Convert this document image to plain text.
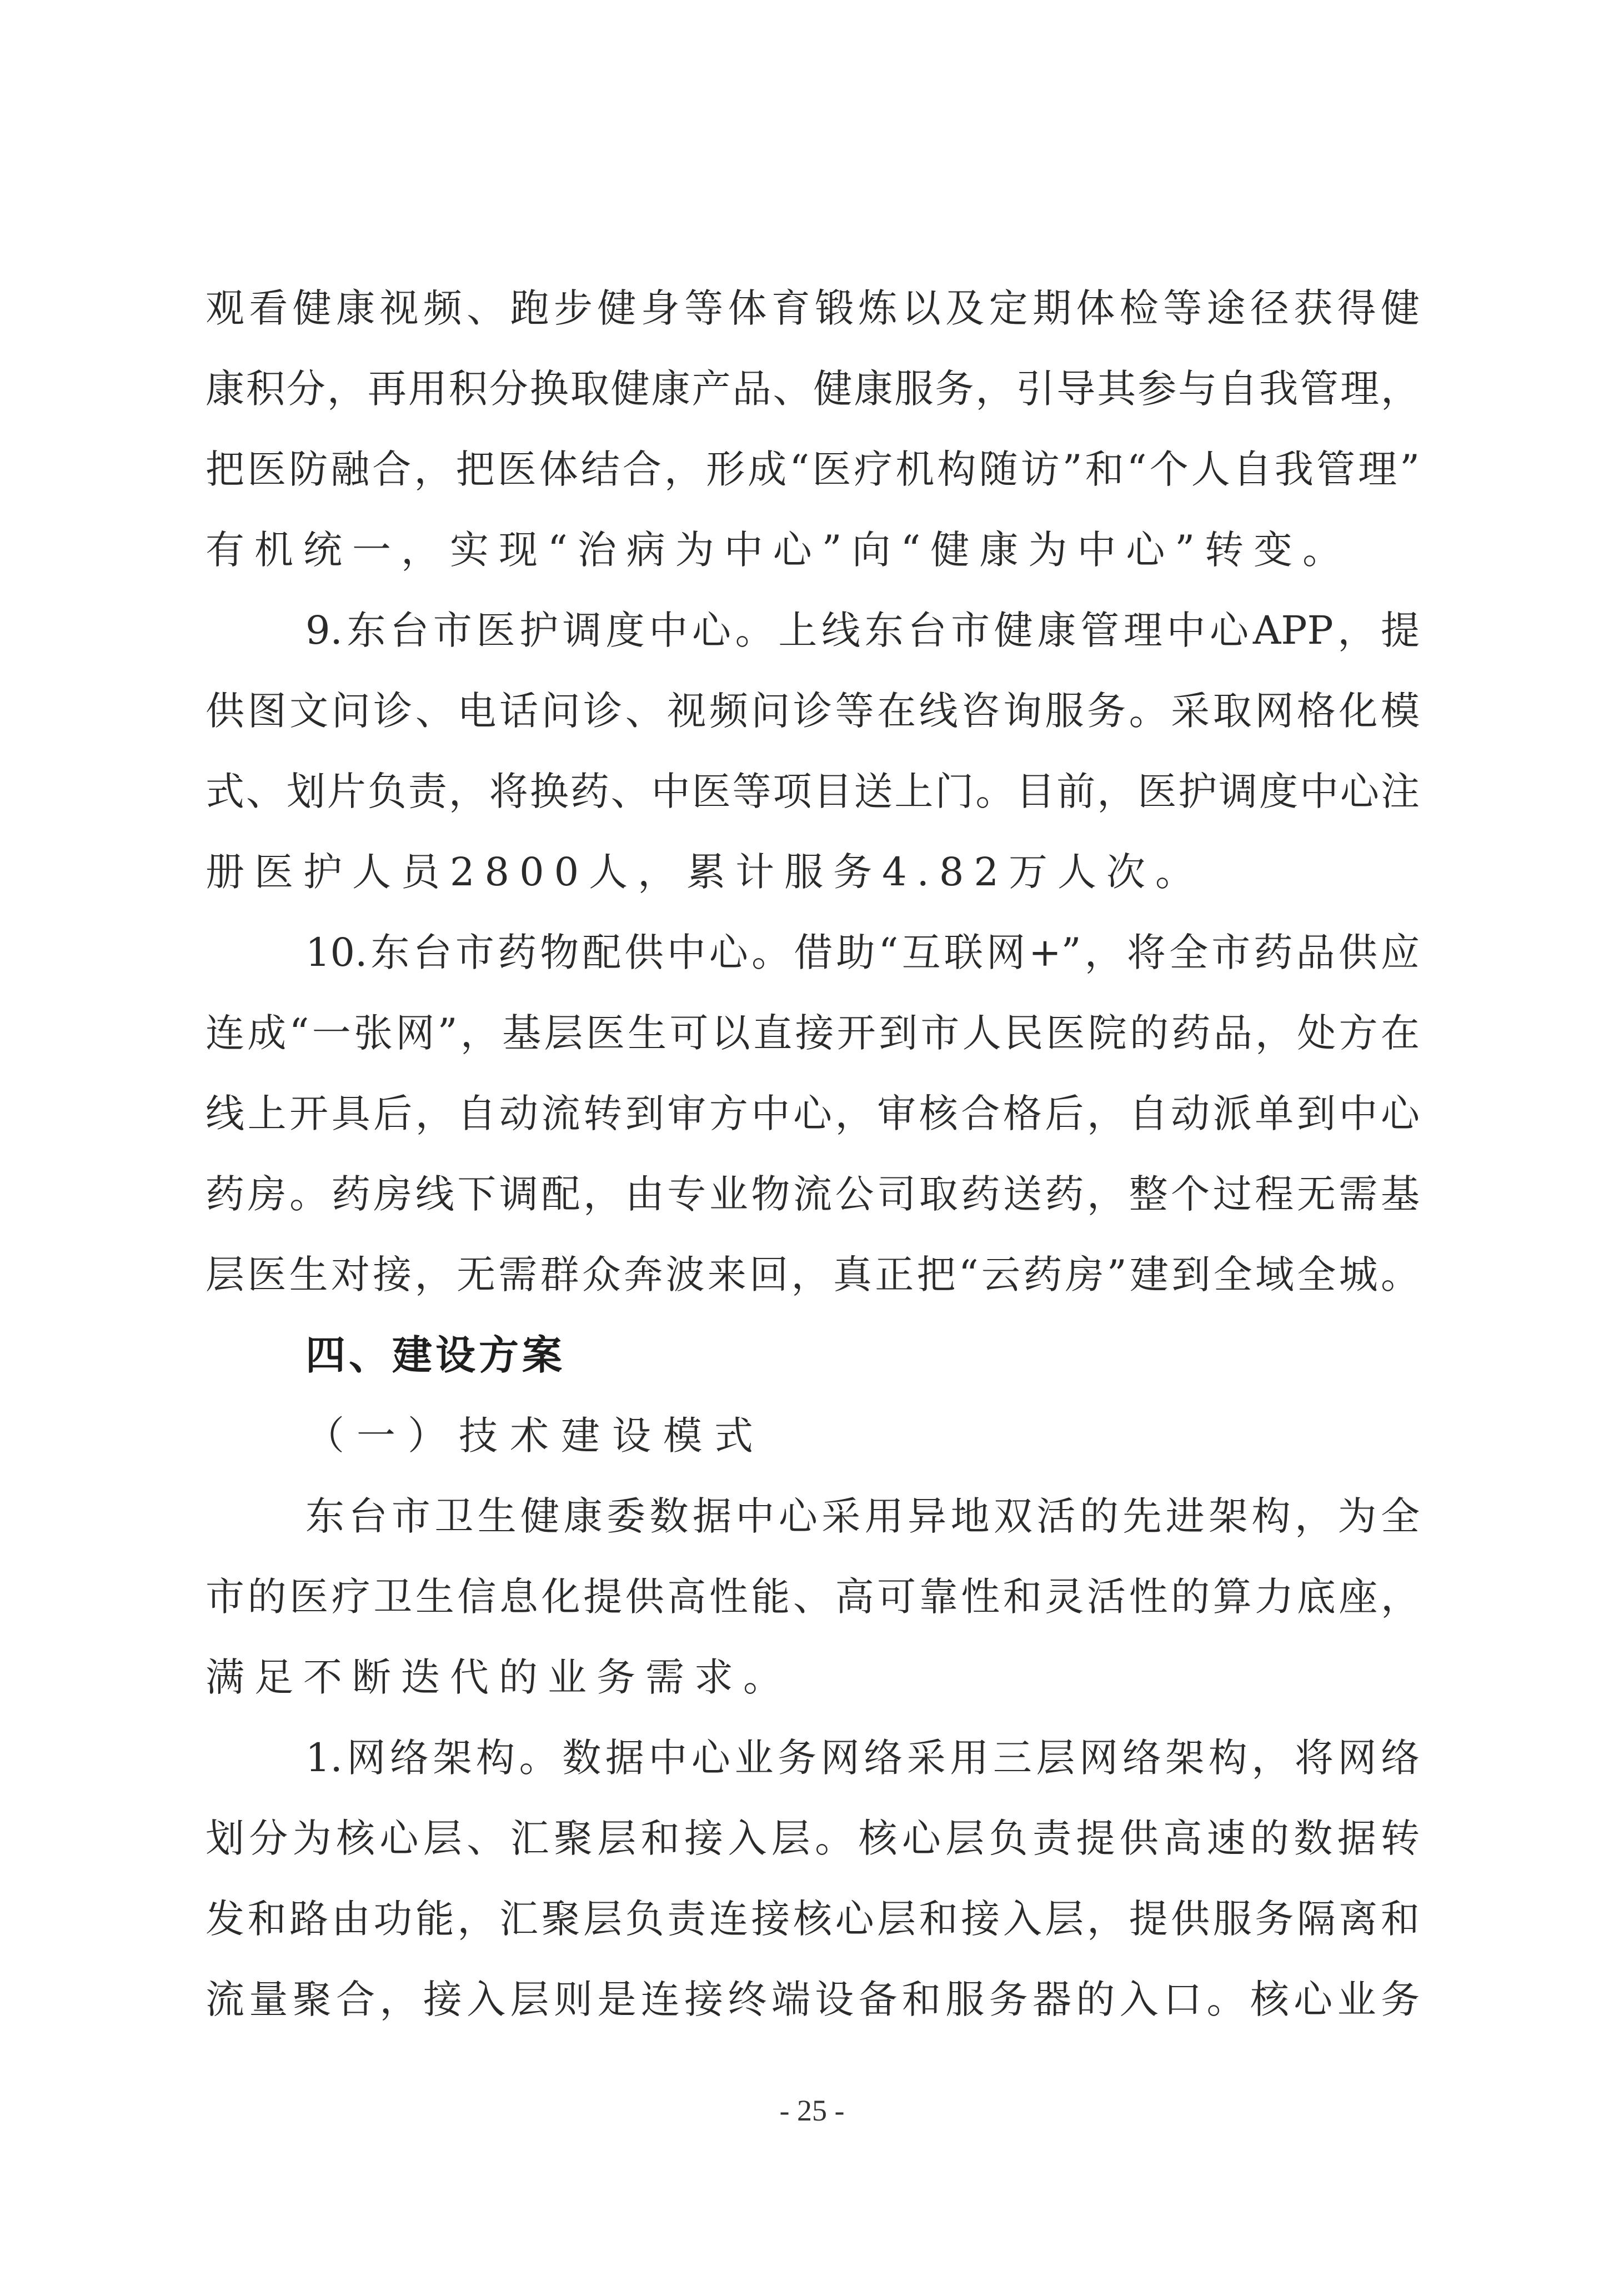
观看健康视频、跑步健身等体育锻炼以及定期体检等途径获得健
康积分，再用积分换取健康产品、健康服务，引导其参与自我管理，
把医防融合，把医体结合，形成“医疗机构随访”和“个人自我管理”
有机统一，实现“治病为中心”向“健康为中心”转变。
9.东台市医护调度中心。上线东台市健康管理中心APP，提
供图文问诊、电话问诊、视频问诊等在线咨询服务。采取网格化模
式、划片负责，将换药、中医等项目送上门。目前，医护调度中心注
册医护人员2800人，累计服务4.82万人次。
10.东台市药物配供中心。借助“互联网+”，将全市药品供应
连成“一张网”，基层医生可以直接开到市人民医院的药品，处方在
线上开具后，自动流转到审方中心，审核合格后，自动派单到中心
药房。药房线下调配，由专业物流公司取药送药，整个过程无需基
层医生对接，无需群众奔波来回，真正把“云药房”建到全域全城。
四、建设方案
（一）技术建设模式
东台市卫生健康委数据中心采用异地双活的先进架构，为全
市的医疗卫生信息化提供高性能、高可靠性和灵活性的算力底座，
满足不断迭代的业务需求。
1.网络架构。数据中心业务网络采用三层网络架构，将网络
划分为核心层、汇聚层和接入层。核心层负责提供高速的数据转
发和路由功能，汇聚层负责连接核心层和接入层，提供服务隔离和
流量聚合，接入层则是连接终端设备和服务器的入口。核心业务
- 25 -
